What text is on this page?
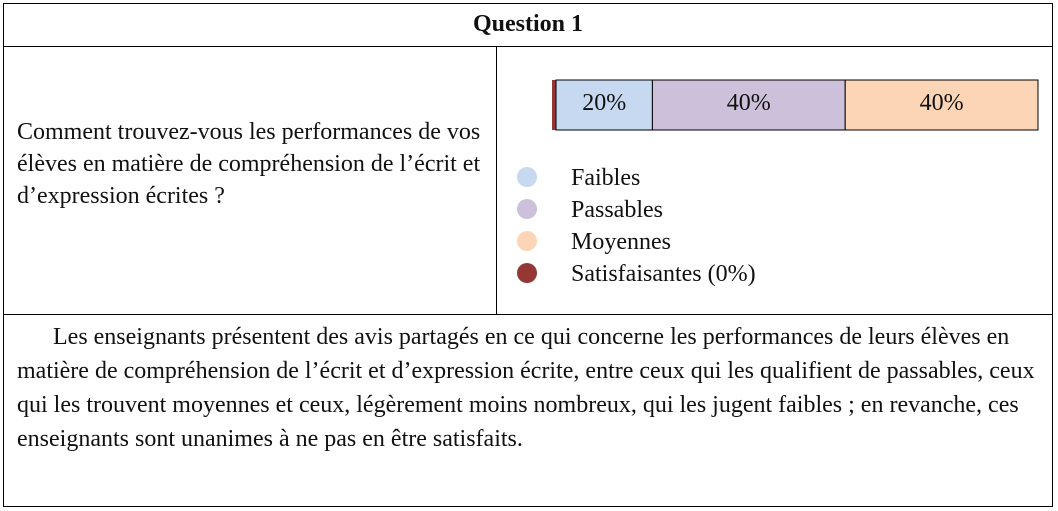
Question 1
Comment trouvez-vous les performances de vos élèves en matière de compréhension de l’écrit et d’expression écrites ?
20%	40%	40%
Faibles
Passables
Moyennes
Satisfaisantes (0%)
Les enseignants présentent des avis partagés en ce qui concerne les performances de leurs élèves en matière de compréhension de l’écrit et d’expression écrite, entre ceux qui les qualifient de passables, ceux qui les trouvent moyennes et ceux, légèrement moins nombreux, qui les jugent faibles ; en revanche, ces enseignants sont unanimes à ne pas en être satisfaits.
